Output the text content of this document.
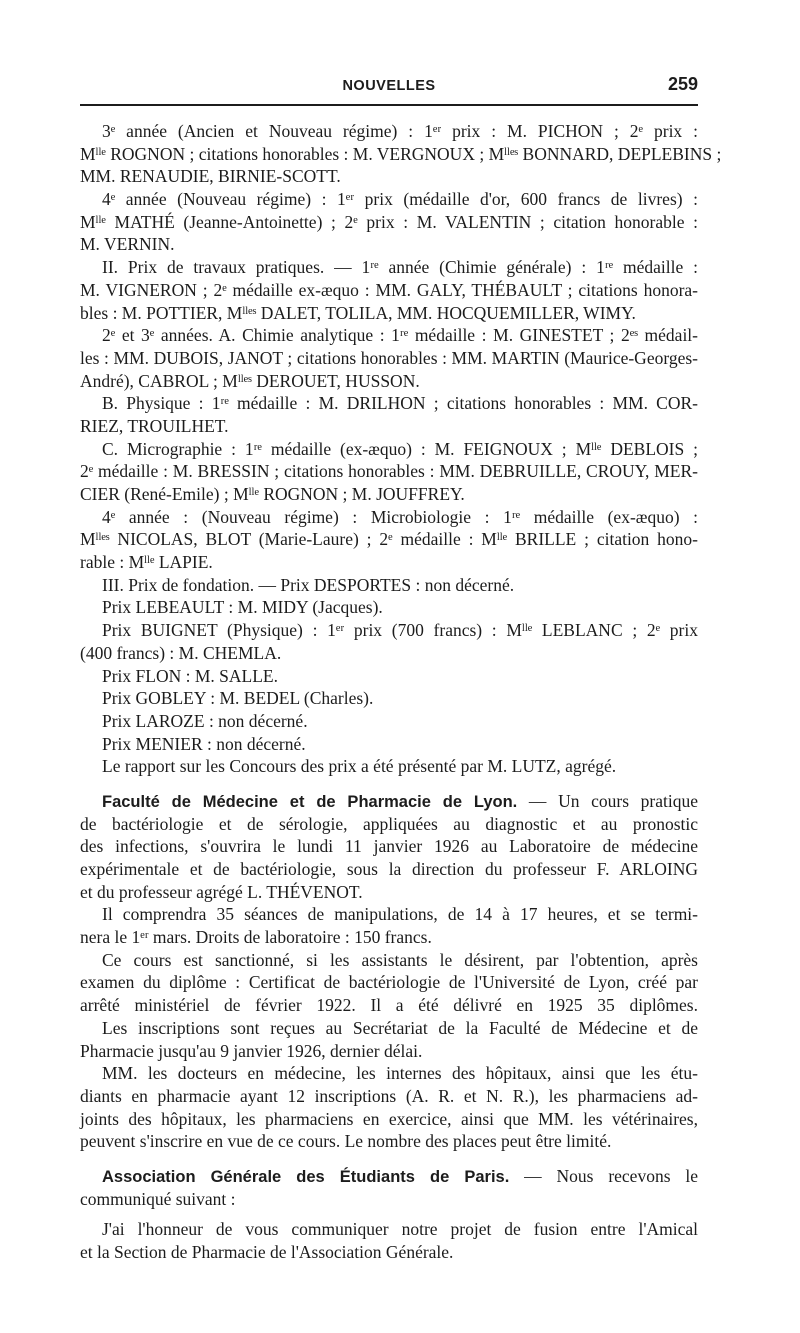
NOUVELLES	259
3ᵉ année (Ancien et Nouveau régime) : 1ᵉʳ prix : M. PICHON ; 2ᵉ prix :
Mˡˡᵉ ROGNON ; citations honorables : M. VERGNOUX ; Mˡˡᵉˢ BONNARD, DEPLEBINS ;
MM. RENAUDIE, BIRNIE-SCOTT.
4ᵉ année (Nouveau régime) : 1ᵉʳ prix (médaille d'or, 600 francs de livres) :
Mˡˡᵉ MATHÉ (Jeanne-Antoinette) ; 2ᵉ prix : M. VALENTIN ; citation honorable :
M. VERNIN.
II. Prix de travaux pratiques. — 1ʳᵉ année (Chimie générale) : 1ʳᵉ médaille :
M. VIGNERON ; 2ᵉ médaille ex-æquo : MM. GALY, THÉBAULT ; citations honora-
bles : M. POTTIER, Mˡˡᵉˢ DALET, TOLILA, MM. HOCQUEMILLER, WIMY.
2ᵉ et 3ᵉ années. A. Chimie analytique : 1ʳᵉ médaille : M. GINESTET ; 2ᵉˢ médail-
les : MM. DUBOIS, JANOT ; citations honorables : MM. MARTIN (Maurice-Georges-
André), CABROL ; Mˡˡᵉˢ DEROUET, HUSSON.
B. Physique : 1ʳᵉ médaille : M. DRILHON ; citations honorables : MM. COR-
RIEZ, TROUILHET.
C. Micrographie : 1ʳᵉ médaille (ex-æquo) : M. FEIGNOUX ; Mˡˡᵉ DEBLOIS ;
2ᵉ médaille : M. BRESSIN ; citations honorables : MM. DEBRUILLE, CROUY, MER-
CIER (René-Emile) ; Mˡˡᵉ ROGNON ; M. JOUFFREY.
4ᵉ année : (Nouveau régime) : Microbiologie : 1ʳᵉ médaille (ex-æquo) :
Mˡˡᵉˢ NICOLAS, BLOT (Marie-Laure) ; 2ᵉ médaille : Mˡˡᵉ BRILLE ; citation hono-
rable : Mˡˡᵉ LAPIE.
III. Prix de fondation. — Prix DESPORTES : non décerné.
Prix LEBEAULT : M. MIDY (Jacques).
Prix BUIGNET (Physique) : 1ᵉʳ prix (700 francs) : Mˡˡᵉ LEBLANC ; 2ᵉ prix
(400 francs) : M. CHEMLA.
Prix FLON : M. SALLE.
Prix GOBLEY : M. BEDEL (Charles).
Prix LAROZE : non décerné.
Prix MENIER : non décerné.
Le rapport sur les Concours des prix a été présenté par M. LUTZ, agrégé.
Faculté de Médecine et de Pharmacie de Lyon. — Un cours pratique
de bactériologie et de sérologie, appliquées au diagnostic et au pronostic
des infections, s'ouvrira le lundi 11 janvier 1926 au Laboratoire de médecine
expérimentale et de bactériologie, sous la direction du professeur F. ARLOING
et du professeur agrégé L. THÉVENOT.
Il comprendra 35 séances de manipulations, de 14 à 17 heures, et se termi-
nera le 1ᵉʳ mars. Droits de laboratoire : 150 francs.
Ce cours est sanctionné, si les assistants le désirent, par l'obtention, après
examen du diplôme : Certificat de bactériologie de l'Université de Lyon, créé par
arrêté ministériel de février 1922. Il a été délivré en 1925 35 diplômes.
Les inscriptions sont reçues au Secrétariat de la Faculté de Médecine et de
Pharmacie jusqu'au 9 janvier 1926, dernier délai.
MM. les docteurs en médecine, les internes des hôpitaux, ainsi que les étu-
diants en pharmacie ayant 12 inscriptions (A. R. et N. R.), les pharmaciens ad-
joints des hôpitaux, les pharmaciens en exercice, ainsi que MM. les vétérinaires,
peuvent s'inscrire en vue de ce cours. Le nombre des places peut être limité.
Association Générale des Étudiants de Paris. — Nous recevons le
communiqué suivant :
J'ai l'honneur de vous communiquer notre projet de fusion entre l'Amical
et la Section de Pharmacie de l'Association Générale.
